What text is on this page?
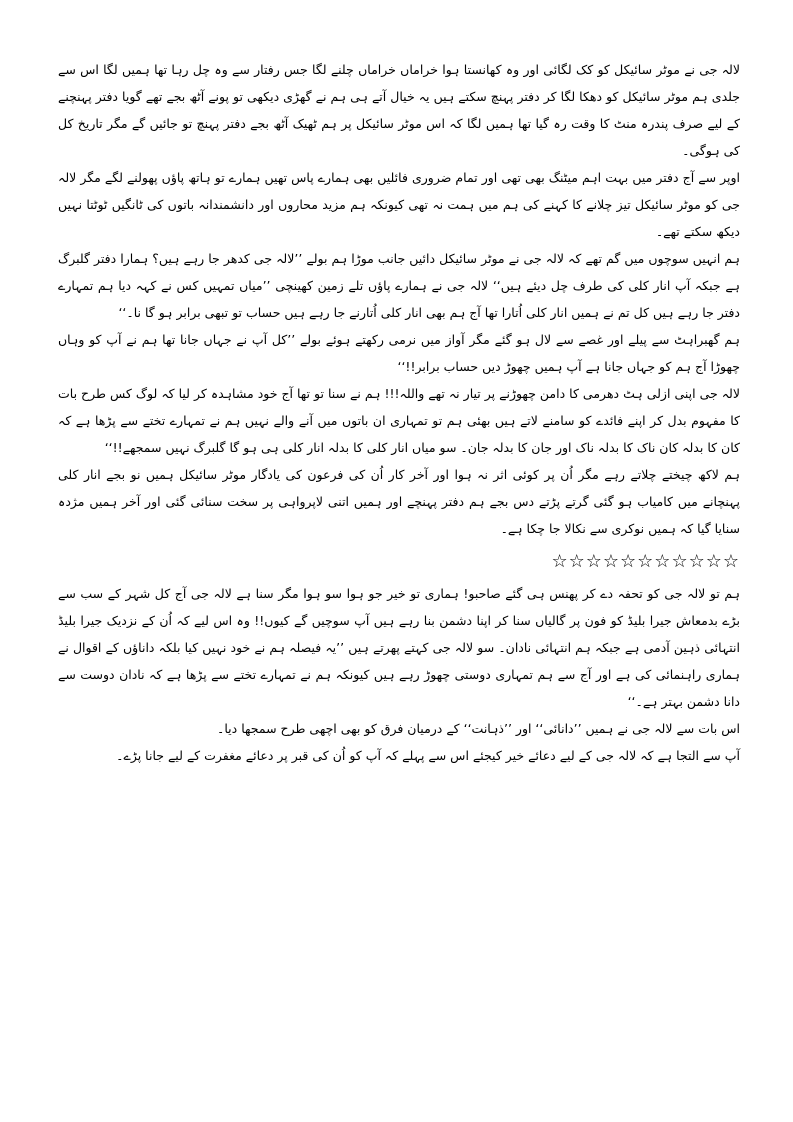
لالہ جی نے موٹر سائیکل کو کک لگائی اور وہ کھانستا ہوا خراماں خراماں چلنے لگا جس رفتار سے وہ چل رہا تھا ہمیں لگا اس سے جلدی ہم موٹر سائیکل کو دھکا لگا کر دفتر پہنچ سکتے ہیں یہ خیال آتے ہی ہم نے گھڑی دیکھی تو پونے آٹھ بجے تھے گویا دفتر پہنچنے کے لیے صرف پندرہ منٹ کا وقت رہ گیا تھا ہمیں لگا کہ اس موٹر سائیکل پر ہم ٹھیک آٹھ بجے دفتر پہنچ تو جائیں گے مگر تاریخ کل کی ہوگی۔

اوپر سے آج دفتر میں بہت اہم میٹنگ بھی تھی اور تمام ضروری فائلیں بھی ہمارے پاس تھیں ہمارے تو ہاتھ پاؤں پھولنے لگے مگر لالہ جی کو موٹر سائیکل تیز چلانے کا کہنے کی ہم میں ہمت نہ تھی کیونکہ ہم مزید محاروں اور دانشمندانہ باتوں کی ٹانگیں ٹوٹتا نہیں دیکھ سکتے تھے۔

ہم انہیں سوچوں میں گم تھے کہ لالہ جی نے موٹر سائیکل دائیں جانب موڑا ہم بولے ’’لالہ جی کدھر جا رہے ہیں؟ ہمارا دفتر گلبرگ ہے جبکہ آپ انار کلی کی طرف چل دیئے ہیں‘‘ لالہ جی نے ہمارے پاؤں تلے زمین کھینچی ’’میاں تمہیں کس نے کہہ دیا ہم تمہارے دفتر جا رہے ہیں کل تم نے ہمیں انار کلی اُتارا تھا آج ہم بھی انار کلی اُتارنے جا رہے ہیں حساب تو تبھی برابر ہو گا نا۔‘‘

ہم گھبراہٹ سے پیلے اور غصے سے لال ہو گئے مگر آواز میں نرمی رکھتے ہوئے بولے ’’کل آپ نے جہاں جانا تھا ہم نے آپ کو وہاں چھوڑا آج ہم کو جہاں جانا ہے آپ ہمیں چھوڑ دیں حساب برابر!!‘‘

لالہ جی اپنی ازلی ہٹ دھرمی کا دامن چھوڑنے پر تیار نہ تھے واللہ!!! ہم نے سنا تو تھا آج خود مشاہدہ کر لیا کہ لوگ کس طرح بات کا مفہوم بدل کر اپنے فائدے کو سامنے لاتے ہیں بھئی ہم تو تمہاری ان باتوں میں آنے والے نہیں ہم نے تمہارے تختے سے پڑھا ہے کہ کان کا بدلہ کان ناک کا بدلہ ناک اور جان کا بدلہ جان۔ سو میاں انار کلی کا بدلہ انار کلی ہی ہو گا گلبرگ نہیں سمجھے!!‘‘

ہم لاکھ چیختے چلاتے رہے مگر اُن پر کوئی اثر نہ ہوا اور آخر کار اُن کی فرعون کی یادگار موٹر سائیکل ہمیں نو بجے انار کلی پہنچانے میں کامیاب ہو گئی گرتے پڑتے دس بجے ہم دفتر پہنچے اور ہمیں اتنی لاپرواہی پر سخت سنائی گئی اور آخر ہمیں مژدہ سنایا گیا کہ ہمیں نوکری سے نکالا جا چکا ہے۔

☆☆☆☆☆☆☆☆☆☆☆

ہم تو لالہ جی کو تحفہ دے کر پھنس ہی گئے صاحبو! ہماری تو خیر جو ہوا سو ہوا مگر سنا ہے لالہ جی آج کل شہر کے سب سے بڑے بدمعاش جیرا بلیڈ کو فون پر گالیاں سنا کر اپنا دشمن بنا رہے ہیں آپ سوچیں گے کیوں!! وہ اس لیے کہ اُن کے نزدیک جیرا بلیڈ انتہائی ذہین آدمی ہے جبکہ ہم انتہائی نادان۔ سو لالہ جی کہتے پھرتے ہیں ’’یہ فیصلہ ہم نے خود نہیں کیا بلکہ داناؤں کے اقوال نے ہماری راہنمائی کی ہے اور آج سے ہم تمہاری دوستی چھوڑ رہے ہیں کیونکہ ہم نے تمہارے تختے سے پڑھا ہے کہ نادان دوست سے دانا دشمن بہتر ہے۔‘‘

اس بات سے لالہ جی نے ہمیں ’’دانائی‘‘ اور ’’ذہانت‘‘ کے درمیان فرق کو بھی اچھی طرح سمجھا دیا۔

آپ سے التجا ہے کہ لالہ جی کے لیے دعائے خیر کیجئے اس سے پہلے کہ آپ کو اُن کی قبر پر دعائے مغفرت کے لیے جانا پڑے۔
